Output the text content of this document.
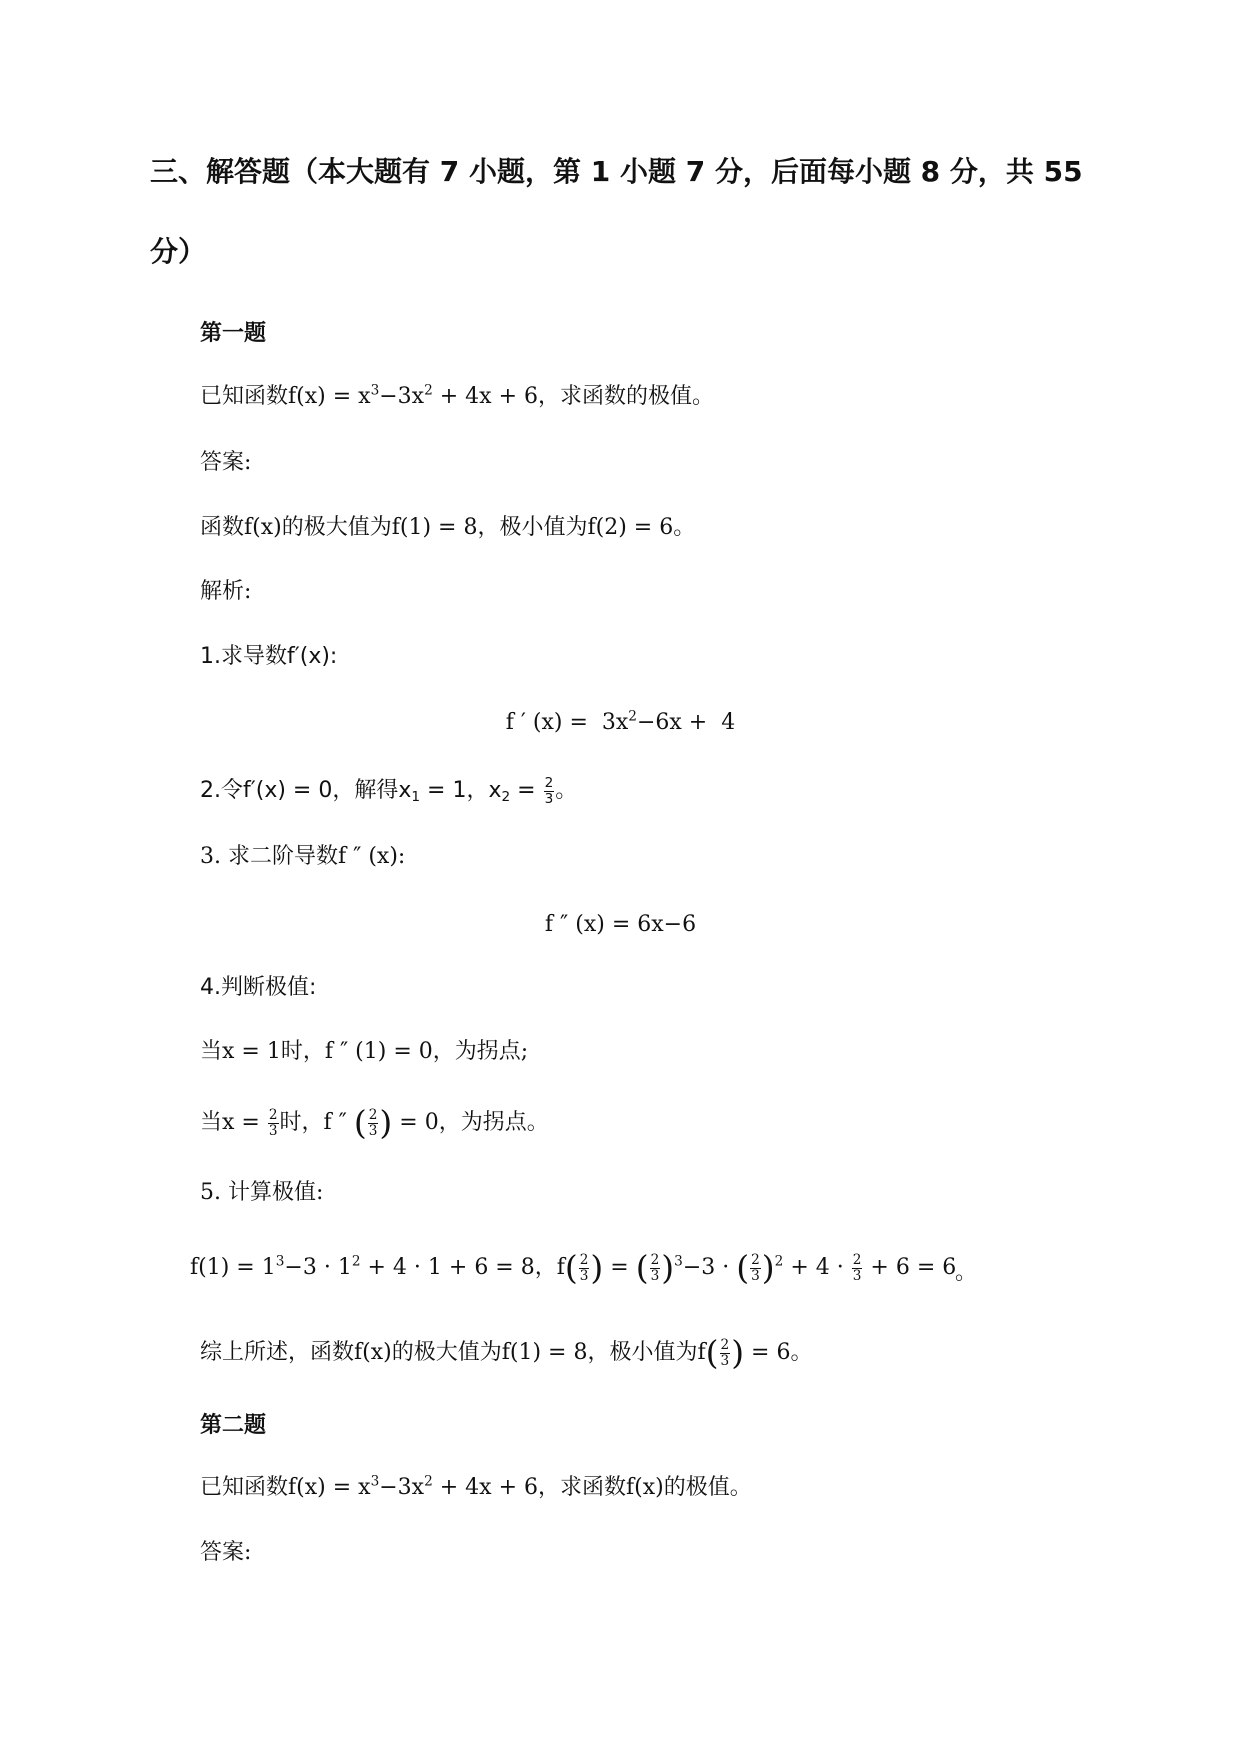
三、解答题（本大题有 7 小题，第 1 小题 7 分，后面每小题 8 分，共 55
分）
第一题
已知函数$f(x) = x^3-3x^2 + 4x + 6$，求函数的极值。
答案:
函数f(x)的极大值为f(1) = 8，极小值为f(2) = 6。
解析:
1.求导数f′(x):
f ′ $(x) = 3x^2-6x + 4$
2.令f′(x) = 0，解得$x_1 = 1$，$x_2 = \frac{2}{3}$ 。
3. 求二阶导数f ″ (x):
f ″ (x) = 6x−6
4.判断极值:
当x = 1时，f ″ (1) = 0，为拐点;
当$x = \frac{2}{3}$ 时，f ″ ( $\frac{2}{3}$ ) = 0，为拐点。
5. 计算极值:
$f(1) = 1^3-3 \cdot 1^2 + 4 \cdot 1 + 6 = 8$，$f( \frac{2}{3}$ ) = ( $\frac{2}{3} )^3-3$ · ( $\frac{2}{3} )^2 + 4 \cdot \frac{2}{3} + 6 = 6$
。
综上所述，函数f(x)的极大值为f(1) = 8，极小值为$f( \frac{2}{3}$ ) = 6。
第二题
已知函数$f(x) = x^3-3x^2 + 4x + 6$，求函数f(x)的极值。
答案:
